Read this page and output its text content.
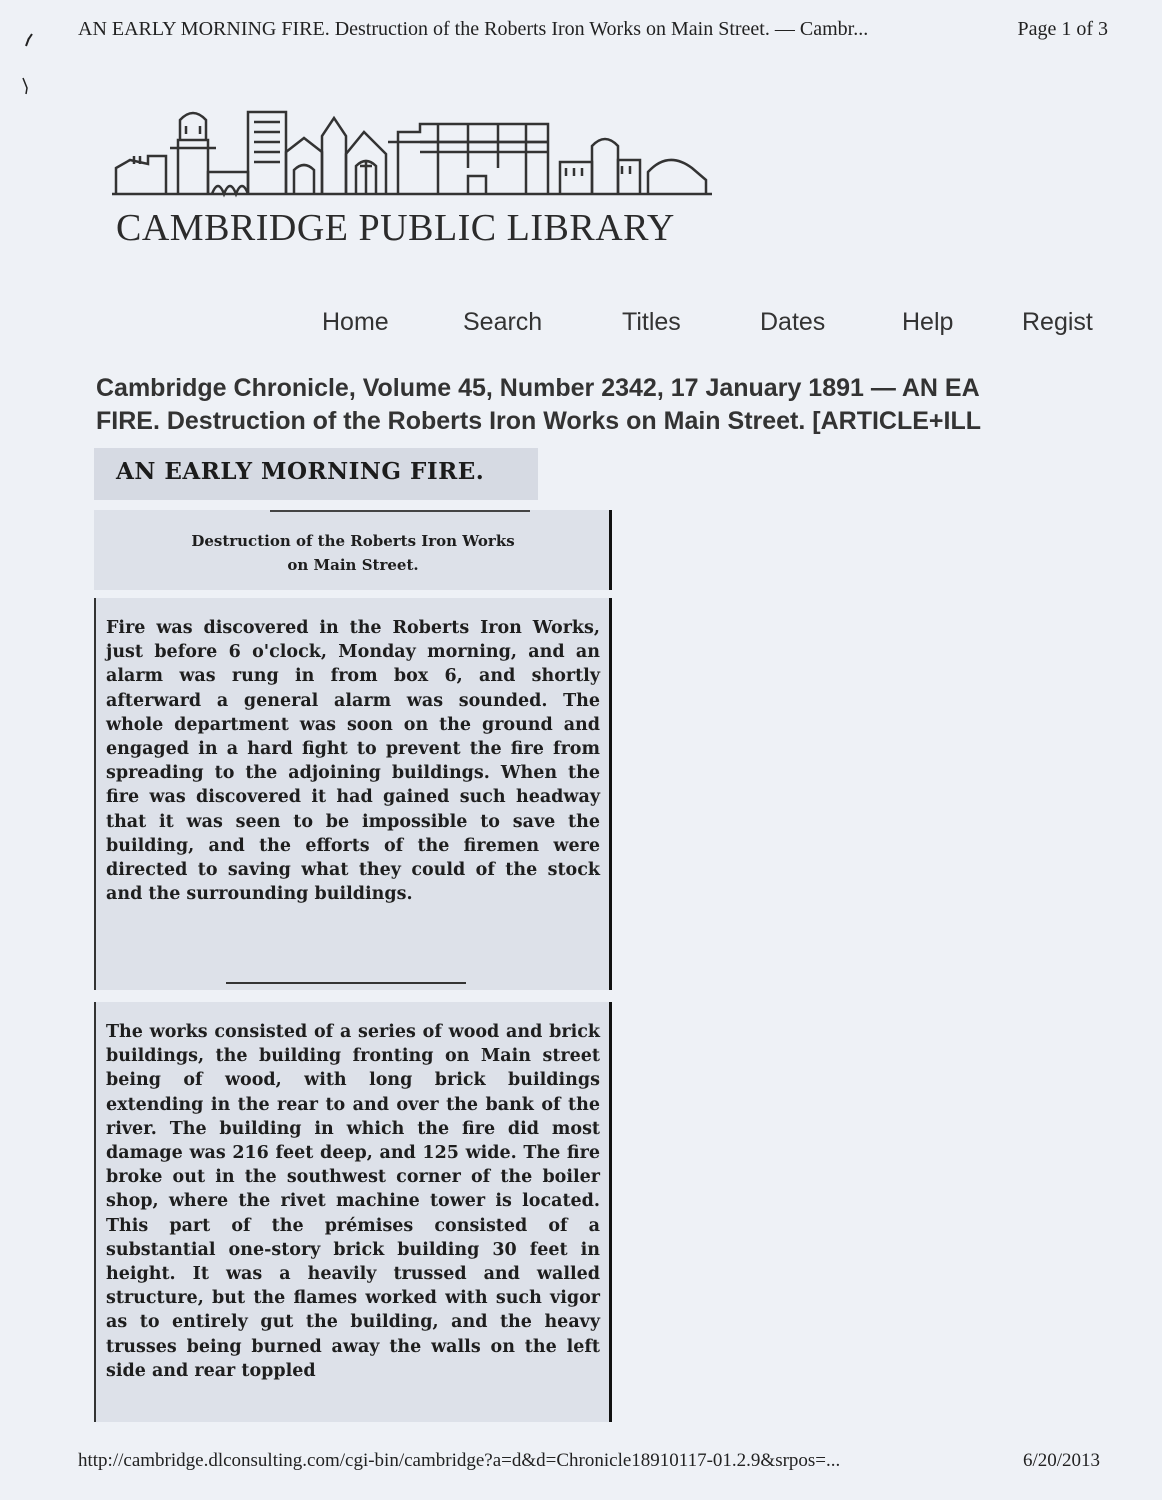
AN EARLY MORNING FIRE. Destruction of the Roberts Iron Works on Main Street. — Cambr...	Page 1 of 3
CAMBRIDGE PUBLIC LIBRARY
Home	Search	Titles	Dates	Help	Regist
Cambridge Chronicle, Volume 45, Number 2342, 17 January 1891 — AN EA
FIRE. Destruction of the Roberts Iron Works on Main Street. [ARTICLE+ILL
AN EARLY MORNING FIRE.
Destruction of the Roberts Iron Works
on Main Street.

Fire was discovered in the Roberts Iron Works, just before 6 o'clock, Monday morning, and an alarm was rung in from box 6, and shortly afterward a general alarm was sounded. The whole department was soon on the ground and engaged in a hard fight to prevent the fire from spreading to the adjoining buildings. When the fire was discovered it had gained such headway that it was seen to be impossible to save the building, and the efforts of the firemen were directed to saving what they could of the stock and the surrounding buildings.

The works consisted of a series of wood and brick buildings, the building fronting on Main street being of wood, with long brick buildings extending in the rear to and over the bank of the river. The building in which the fire did most damage was 216 feet deep, and 125 wide. The fire broke out in the southwest corner of the boiler shop, where the rivet machine tower is located. This part of the prémises consisted of a substantial one-story brick building 30 feet in height. It was a heavily trussed and walled structure, but the flames worked with such vigor as to entirely gut the building, and the heavy trusses being burned away the walls on the left side and rear toppled

http://cambridge.dlconsulting.com/cgi-bin/cambridge?a=d&d=Chronicle18910117-01.2.9&srpos=...	6/20/2013
